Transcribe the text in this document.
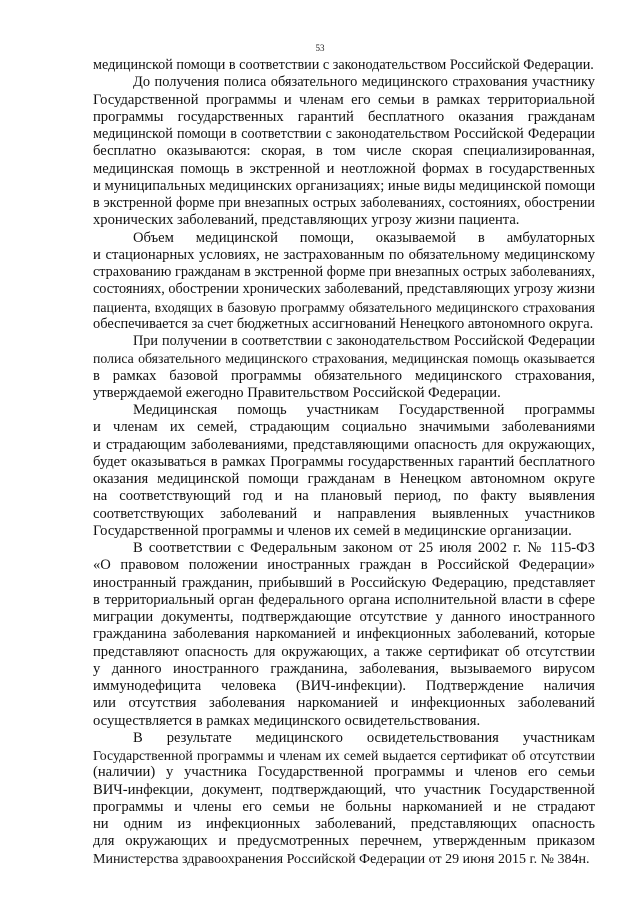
53
медицинской помощи в соответствии с законодательством Российской Федерации.
До получения полиса обязательного медицинского страхования участнику
Государственной программы и членам его семьи в рамках территориальной
программы государственных гарантий бесплатного оказания гражданам
медицинской помощи в соответствии с законодательством Российской Федерации
бесплатно оказываются: скорая, в том числе скорая специализированная,
медицинская помощь в экстренной и неотложной формах в государственных
и муниципальных медицинских организациях; иные виды медицинской помощи
в экстренной форме при внезапных острых заболеваниях, состояниях, обострении
хронических заболеваний, представляющих угрозу жизни пациента.
Объем медицинской помощи, оказываемой в амбулаторных
и стационарных условиях, не застрахованным по обязательному медицинскому
страхованию гражданам в экстренной форме при внезапных острых заболеваниях,
состояниях, обострении хронических заболеваний, представляющих угрозу жизни
пациента, входящих в базовую программу обязательного медицинского страхования
обеспечивается за счет бюджетных ассигнований Ненецкого автономного округа.
При получении в соответствии с законодательством Российской Федерации
полиса обязательного медицинского страхования, медицинская помощь оказывается
в рамках базовой программы обязательного медицинского страхования,
утверждаемой ежегодно Правительством Российской Федерации.
Медицинская помощь участникам Государственной программы
и членам их семей, страдающим социально значимыми заболеваниями
и страдающим заболеваниями, представляющими опасность для окружающих,
будет оказываться в рамках Программы государственных гарантий бесплатного
оказания медицинской помощи гражданам в Ненецком автономном округе
на соответствующий год и на плановый период, по факту выявления
соответствующих заболеваний и направления выявленных участников
Государственной программы и членов их семей в медицинские организации.
В соответствии с Федеральным законом от 25 июля 2002 г. № 115-ФЗ
«О правовом положении иностранных граждан в Российской Федерации»
иностранный гражданин, прибывший в Российскую Федерацию, представляет
в территориальный орган федерального органа исполнительной власти в сфере
миграции документы, подтверждающие отсутствие у данного иностранного
гражданина заболевания наркоманией и инфекционных заболеваний, которые
представляют опасность для окружающих, а также сертификат об отсутствии
у данного иностранного гражданина, заболевания, вызываемого вирусом
иммунодефицита человека (ВИЧ-инфекции). Подтверждение наличия
или отсутствия заболевания наркоманией и инфекционных заболеваний
осуществляется в рамках медицинского освидетельствования.
В результате медицинского освидетельствования участникам
Государственной программы и членам их семей выдается сертификат об отсутствии
(наличии) у участника Государственной программы и членов его семьи
ВИЧ-инфекции, документ, подтверждающий, что участник Государственной
программы и члены его семьи не больны наркоманией и не страдают
ни одним из инфекционных заболеваний, представляющих опасность
для окружающих и предусмотренных перечнем, утвержденным приказом
Министерства здравоохранения Российской Федерации от 29 июня 2015 г. № 384н.
